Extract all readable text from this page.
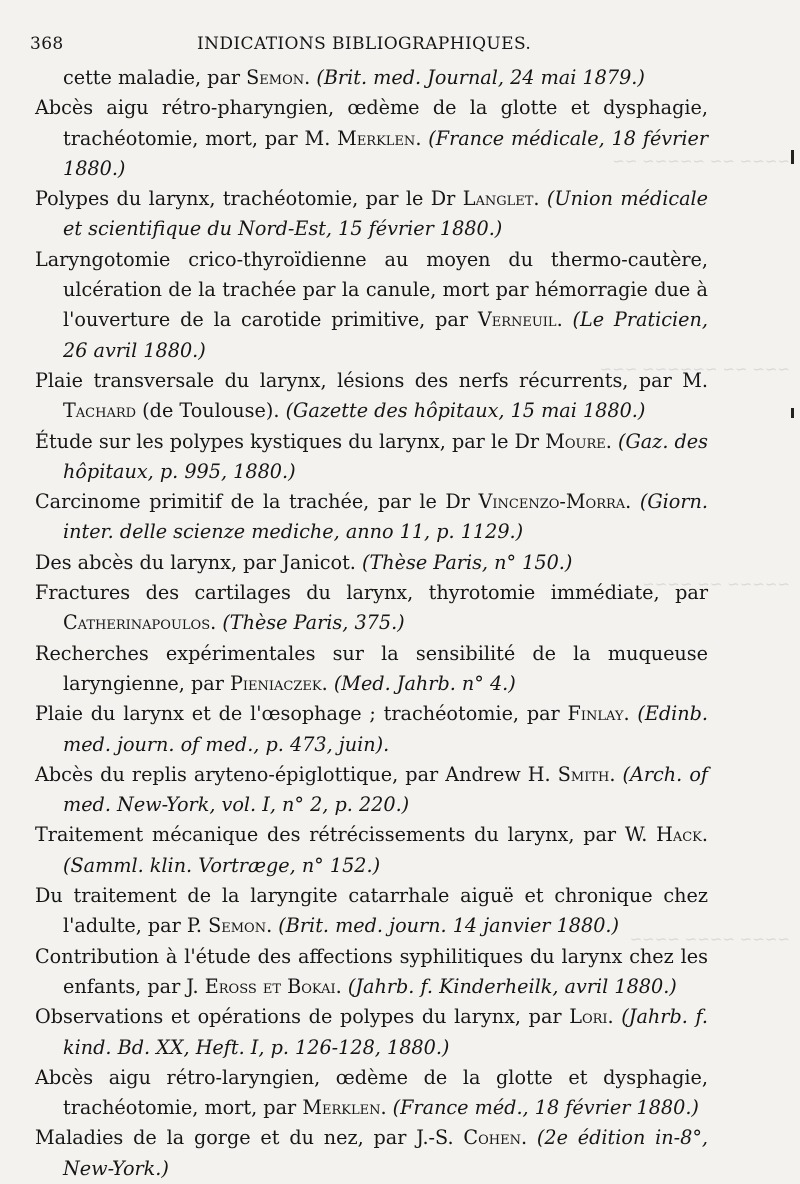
~~~~ ~~ ~~~~~ ~~
~~~ ~~ ~~~~~~ ~~~
~~~~~ ~~ ~~~~
~~~~ ~~~~ ~~~~
368	INDICATIONS BIBLIOGRAPHIQUES.
cette maladie, par Semon. (Brit. med. Journal, 24 mai 1879.)
Abcès aigu rétro-pharyngien, œdème de la glotte et dysphagie, trachéotomie, mort, par M. Merklen. (France médicale, 18 février 1880.)
Polypes du larynx, trachéotomie, par le Dr Langlet. (Union médicale et scientifique du Nord-Est, 15 février 1880.)
Laryngotomie crico-thyroïdienne au moyen du thermo-cautère, ulcération de la trachée par la canule, mort par hémorragie due à l'ouverture de la carotide primitive, par Verneuil. (Le Praticien, 26 avril 1880.)
Plaie transversale du larynx, lésions des nerfs récurrents, par M. Tachard (de Toulouse). (Gazette des hôpitaux, 15 mai 1880.)
Étude sur les polypes kystiques du larynx, par le Dr Moure. (Gaz. des hôpitaux, p. 995, 1880.)
Carcinome primitif de la trachée, par le Dr Vincenzo-Morra. (Giorn. inter. delle scienze mediche, anno 11, p. 1129.)
Des abcès du larynx, par Janicot. (Thèse Paris, n° 150.)
Fractures des cartilages du larynx, thyrotomie immédiate, par Catherinapoulos. (Thèse Paris, 375.)
Recherches expérimentales sur la sensibilité de la muqueuse laryngienne, par Pieniaczek. (Med. Jahrb. n° 4.)
Plaie du larynx et de l'œsophage ; trachéotomie, par Finlay. (Edinb. med. journ. of med., p. 473, juin).
Abcès du replis aryteno-épiglottique, par Andrew H. Smith. (Arch. of med. New-York, vol. I, n° 2, p. 220.)
Traitement mécanique des rétrécissements du larynx, par W. Hack. (Samml. klin. Vortræge, n° 152.)
Du traitement de la laryngite catarrhale aiguë et chronique chez l'adulte, par P. Semon. (Brit. med. journ. 14 janvier 1880.)
Contribution à l'étude des affections syphilitiques du larynx chez les enfants, par J. Eross et Bokai. (Jahrb. f. Kinderheilk, avril 1880.)
Observations et opérations de polypes du larynx, par Lori. (Jahrb. f. kind. Bd. XX, Heft. I, p. 126-128, 1880.)
Abcès aigu rétro-laryngien, œdème de la glotte et dysphagie, trachéotomie, mort, par Merklen. (France méd., 18 février 1880.)
Maladies de la gorge et du nez, par J.-S. Cohen. (2e édition in-8°, New-York.)
